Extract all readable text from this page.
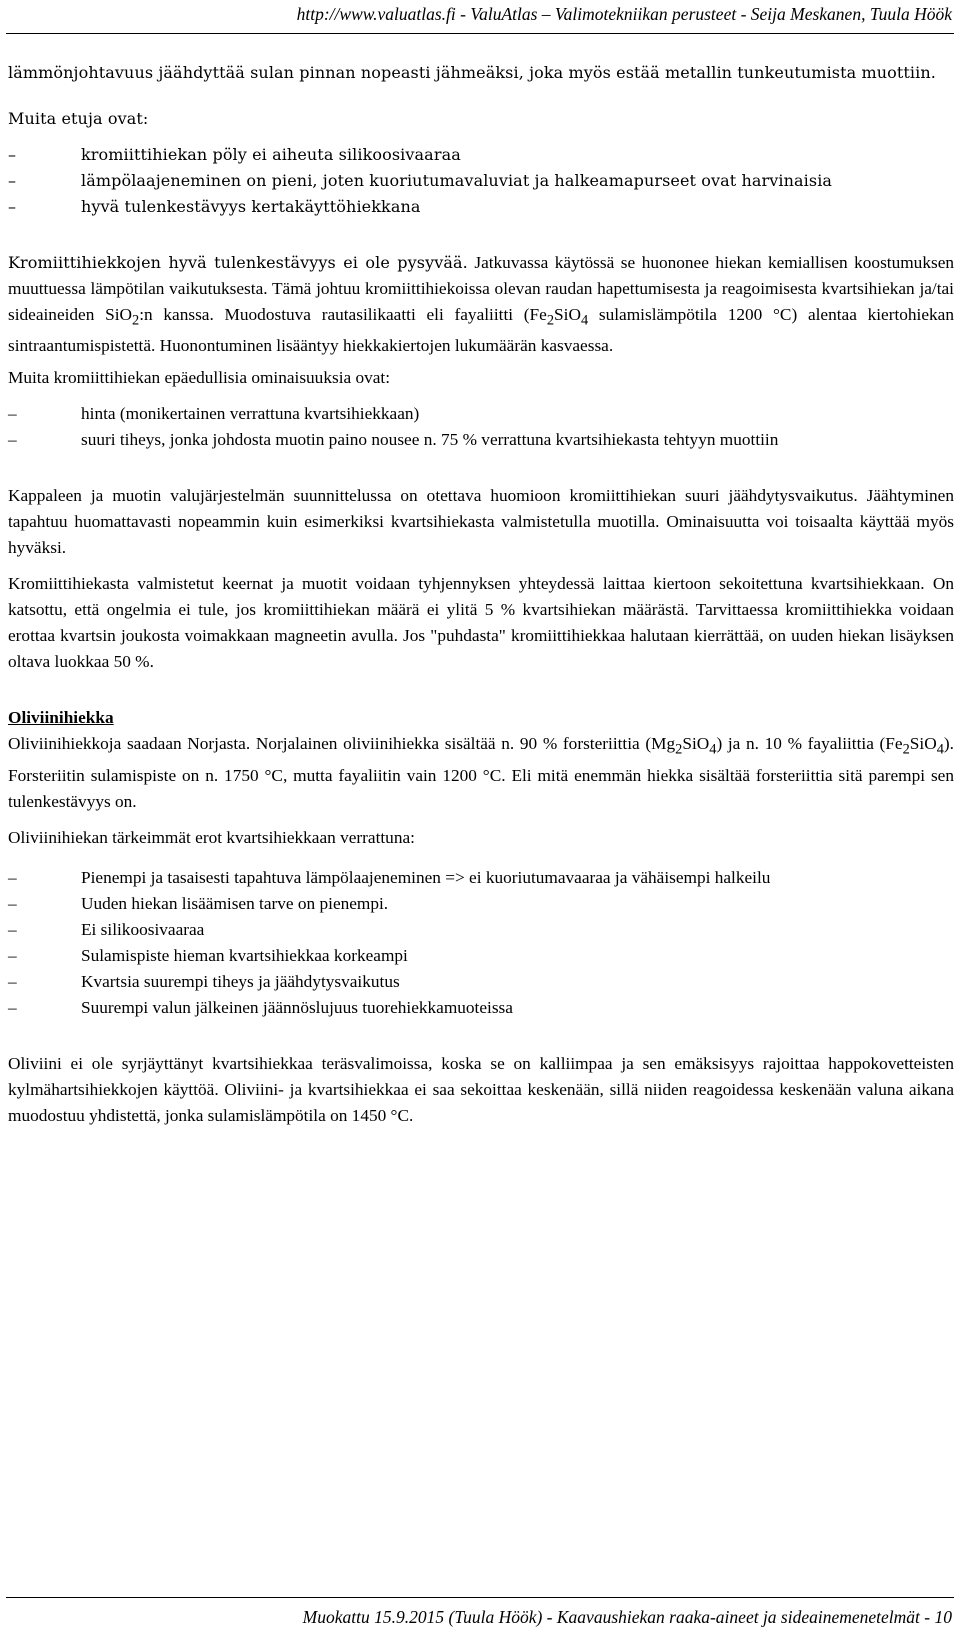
http://www.valuatlas.fi - ValuAtlas – Valimotekniikan perusteet - Seija Meskanen, Tuula Höök

lämmönjohtavuus jäähdyttää sulan pinnan nopeasti jähmeäksi, joka myös estää metallin tunkeutumista muottiin.

Muita etuja ovat:

– kromiittihiekan pöly ei aiheuta silikoosivaaraa
– lämpölaajeneminen on pieni, joten kuoriutumavaluviat ja halkeamapurseet ovat harvinaisia
– hyvä tulenkestävyys kertakäyttöhiekkana

Kromiittihiekkojen hyvä tulenkestävyys ei ole pysyvää. Jatkuvassa käytössä se huononee hiekan kemiallisen koostumuksen muuttuessa lämpötilan vaikutuksesta. Tämä johtuu kromiittihiekoissa olevan raudan hapettumisesta ja reagoimisesta kvartsihiekan ja/tai sideaineiden SiO$_2$:n kanssa. Muodostuva rautasilikaatti eli fayaliitti ($Fe_2SiO_4$ sulamislämpötila 1200 °C) alentaa kiertohiekan sintraantumispistettä. Huonontuminen lisääntyy hiekkakiertojen lukumäärän kasvaessa.

Muita kromiittihiekan epäedullisia ominaisuuksia ovat:

– hinta (monikertainen verrattuna kvartsihiekkaan)
– suuri tiheys, jonka johdosta muotin paino nousee n. 75 % verrattuna kvartsihiekasta tehtyyn muottiin

Kappaleen ja muotin valujärjestelmän suunnittelussa on otettava huomioon kromiittihiekan suuri jäähdytysvaikutus. Jäähtyminen tapahtuu huomattavasti nopeammin kuin esimerkiksi kvartsihiekasta valmistetulla muotilla. Ominaisuutta voi toisaalta käyttää myös hyväksi.

Kromiittihiekasta valmistetut keernat ja muotit voidaan tyhjennyksen yhteydessä laittaa kiertoon sekoitettuna kvartsihiekkaan. On katsottu, että ongelmia ei tule, jos kromiittihiekan määrä ei ylitä 5 % kvartsihiekan määrästä. Tarvittaessa kromiittihiekka voidaan erottaa kvartsin joukosta voimakkaan magneetin avulla. Jos "puhdasta" kromiittihiekkaa halutaan kierrättää, on uuden hiekan lisäyksen oltava luokkaa 50 %.

Oliviinihiekka

Oliviinihiekkoja saadaan Norjasta. Norjalainen oliviinihiekka sisältää n. 90 % forsteriittia $(Mg_2SiO_4)$ ja n. 10 % fayaliittia $(Fe_2SiO_4)$. Forsteriitin sulamispiste on n. 1750 °C, mutta fayaliitin vain 1200 °C. Eli mitä enemmän hiekka sisältää forsteriittia sitä parempi sen tulenkestävyys on.

Oliviinihiekan tärkeimmät erot kvartsihiekkaan verrattuna:

– Pienempi ja tasaisesti tapahtuva lämpölaajeneminen => ei kuoriutumavaaraa ja vähäisempi halkeilu
– Uuden hiekan lisäämisen tarve on pienempi.
– Ei silikoosivaaraa
– Sulamispiste hieman kvartsihiekkaa korkeampi
– Kvartsia suurempi tiheys ja jäähdytysvaikutus
– Suurempi valun jälkeinen jäännöslujuus tuorehiekkamuoteissa

Oliviini ei ole syrjäyttänyt kvartsihiekkaa teräsvalimoissa, koska se on kalliimpaa ja sen emäksisyys rajoittaa happokovetteisten kylmähartsihiekkojen käyttöä. Oliviini- ja kvartsihiekkaa ei saa sekoittaa keskenään, sillä niiden reagoidessa keskenään valuna aikana muodostuu yhdistettä, jonka sulamislämpötila on 1450 °C.

Muokattu 15.9.2015 (Tuula Höök) - Kaavaushiekan raaka-aineet ja sideainemenetelmät - 10
